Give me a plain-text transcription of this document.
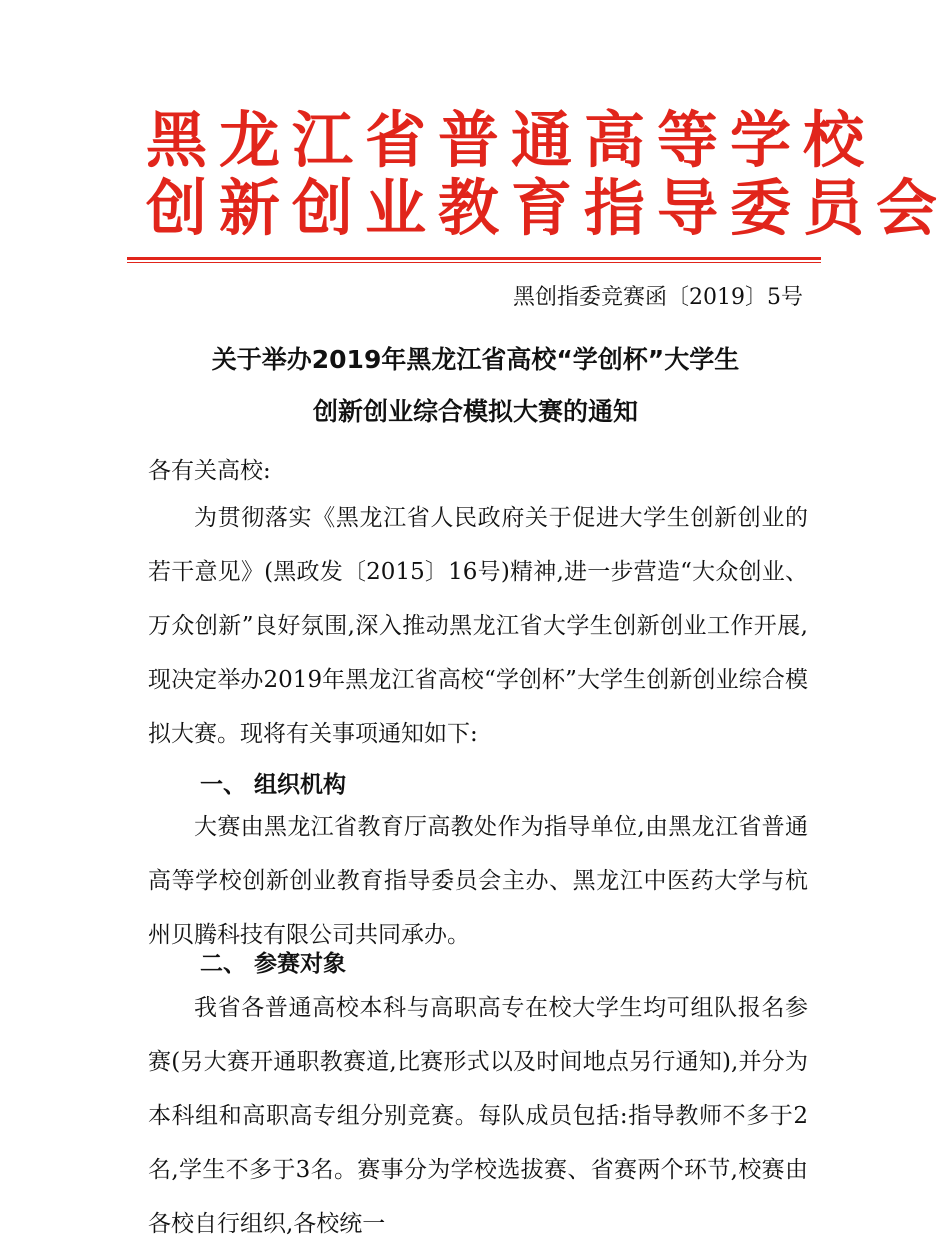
黑龙江省普通高等学校
创新创业教育指导委员会
黑创指委竞赛函〔2019〕5号
关于举办2019年黑龙江省高校“学创杯”大学生
创新创业综合模拟大赛的通知
各有关高校:

为贯彻落实《黑龙江省人民政府关于促进大学生创新创业的若干意见》(黑政发〔2015〕16号)精神,进一步营造“大众创业、万众创新”良好氛围,深入推动黑龙江省大学生创新创业工作开展,现决定举办2019年黑龙江省高校“学创杯”大学生创新创业综合模拟大赛。现将有关事项通知如下:

一、 组织机构

大赛由黑龙江省教育厅高教处作为指导单位,由黑龙江省普通高等学校创新创业教育指导委员会主办、黑龙江中医药大学与杭州贝腾科技有限公司共同承办。

二、 参赛对象

我省各普通高校本科与高职高专在校大学生均可组队报名参赛(另大赛开通职教赛道,比赛形式以及时间地点另行通知),并分为本科组和高职高专组分别竞赛。每队成员包括:指导教师不多于2名,学生不多于3名。赛事分为学校选拔赛、省赛两个环节,校赛由各校自行组织,各校统一
